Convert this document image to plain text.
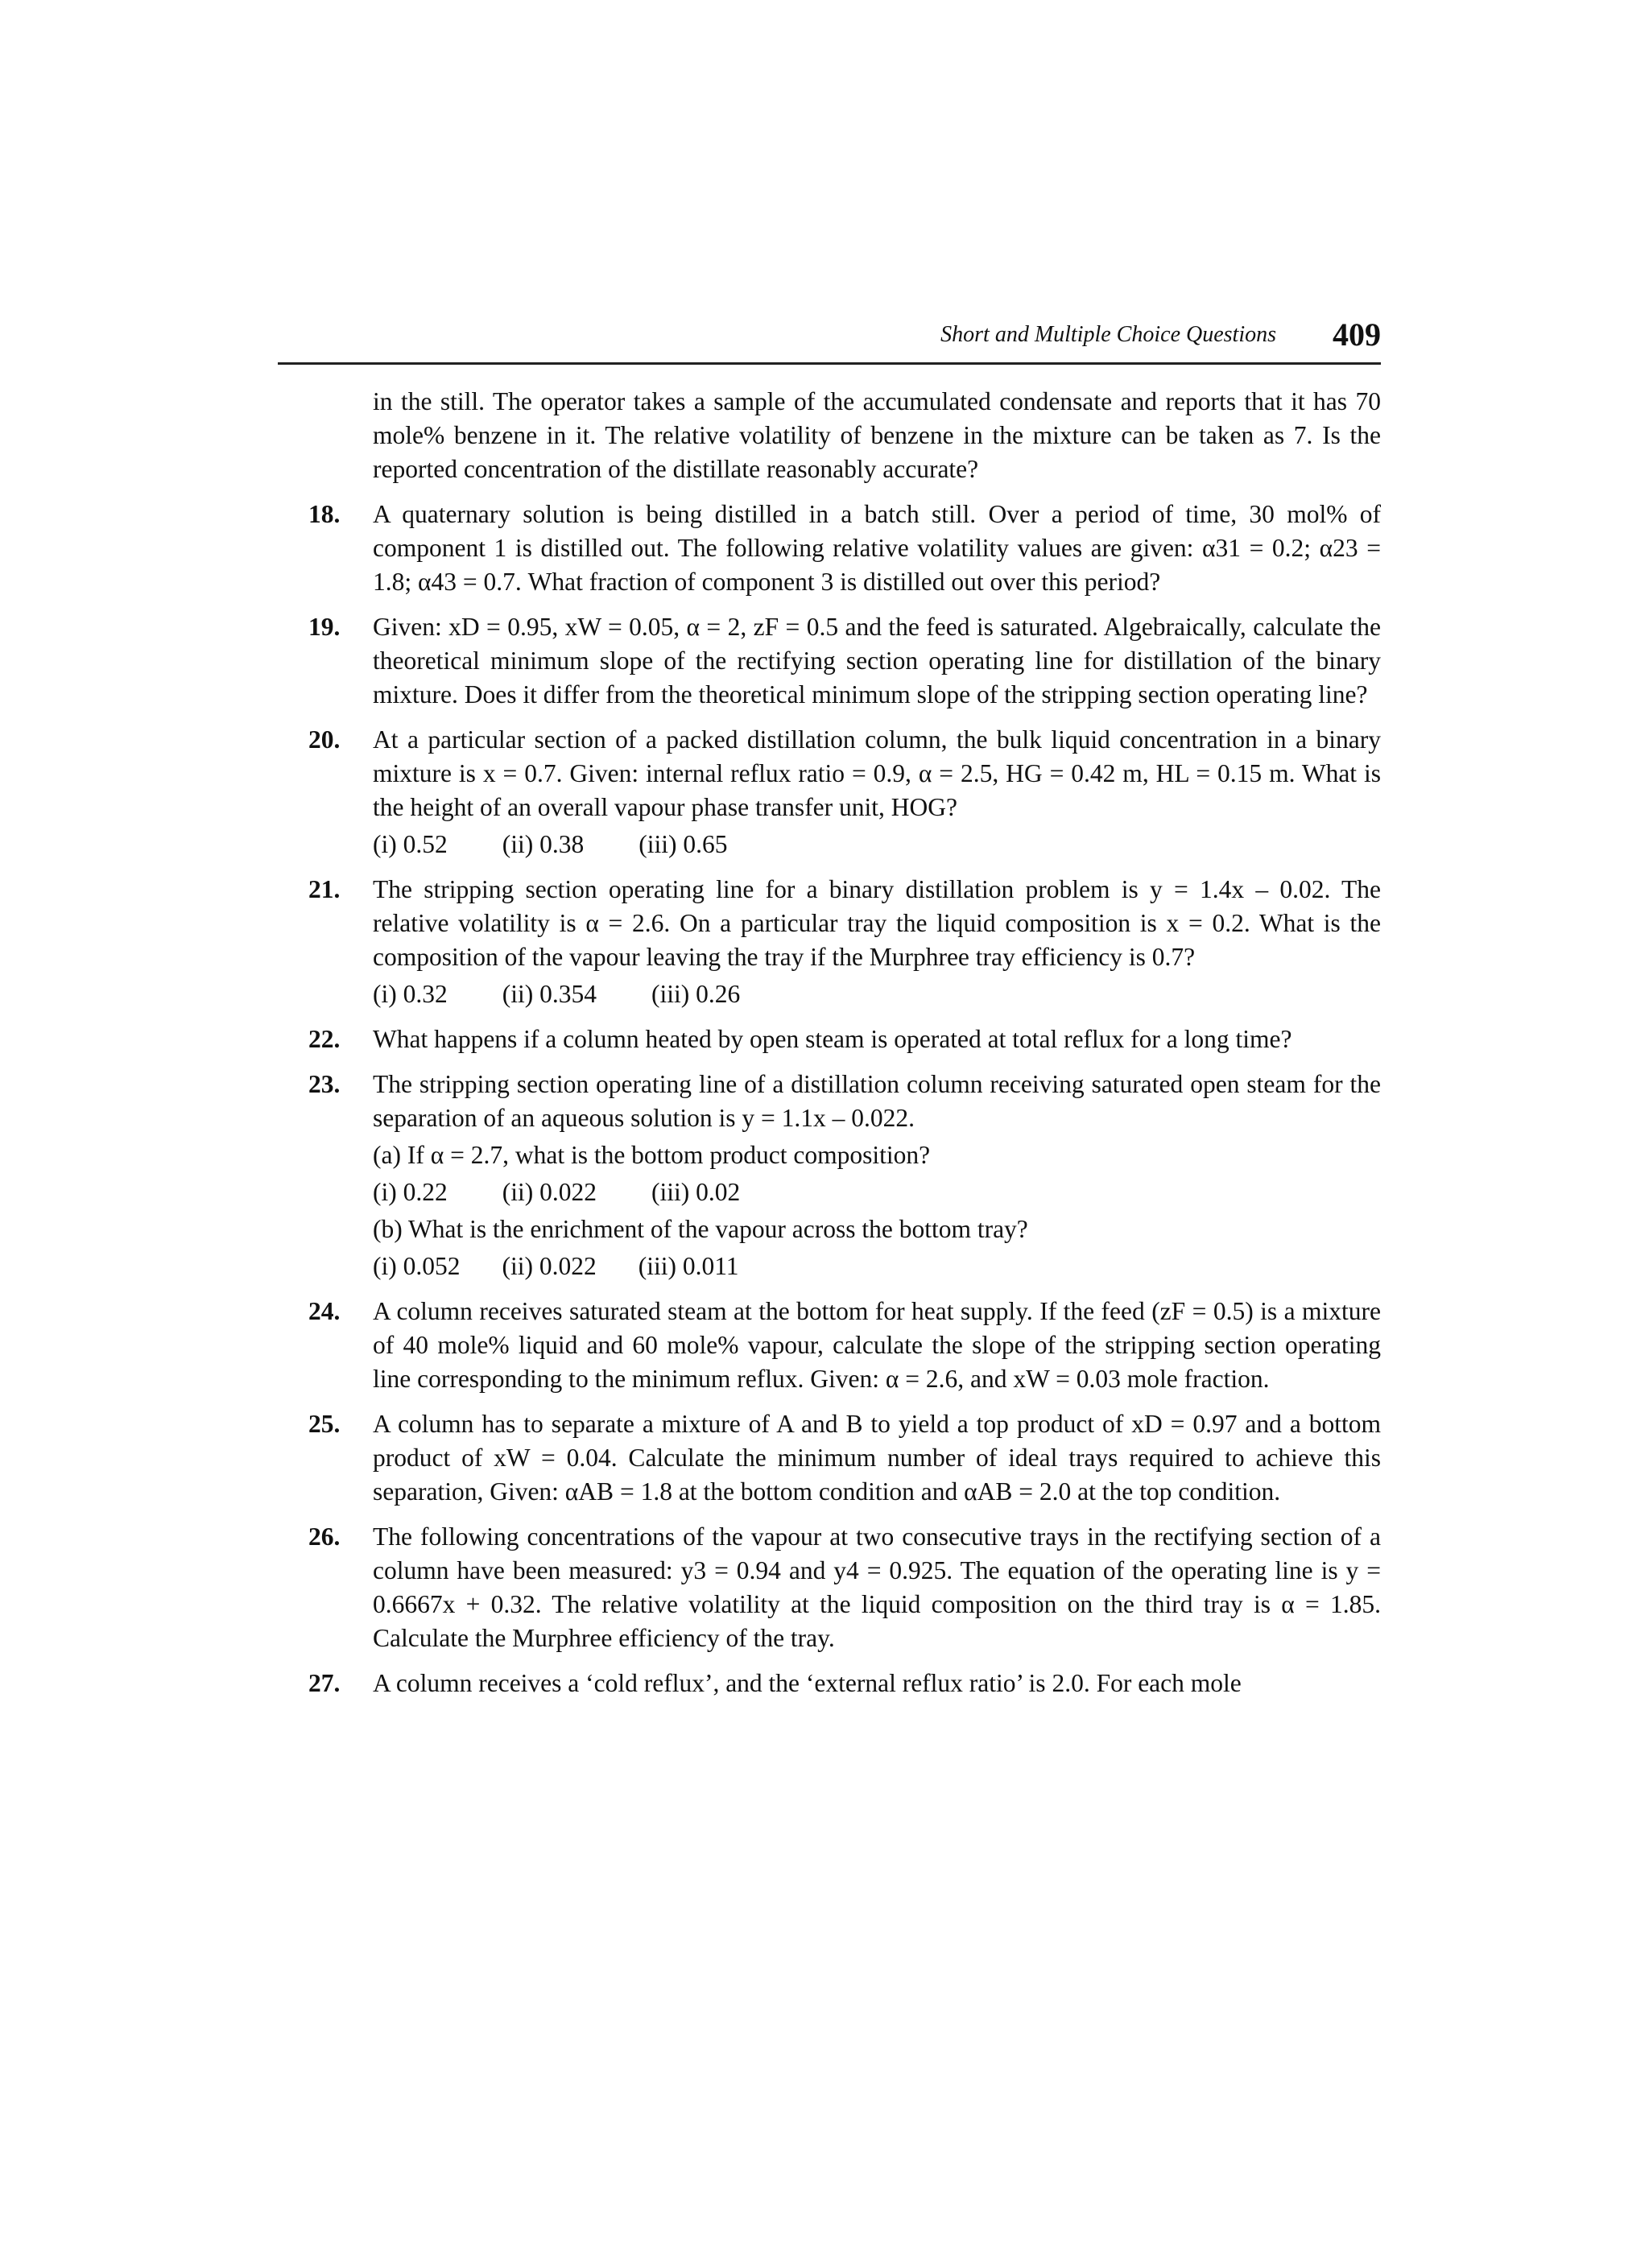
Short and Multiple Choice Questions 409
in the still. The operator takes a sample of the accumulated condensate and reports that it has 70 mole% benzene in it. The relative volatility of benzene in the mixture can be taken as 7. Is the reported concentration of the distillate reasonably accurate?
18. A quaternary solution is being distilled in a batch still. Over a period of time, 30 mol% of component 1 is distilled out. The following relative volatility values are given: α31 = 0.2; α23 = 1.8; α43 = 0.7. What fraction of component 3 is distilled out over this period?
19. Given: xD = 0.95, xW = 0.05, α = 2, zF = 0.5 and the feed is saturated. Algebraically, calculate the theoretical minimum slope of the rectifying section operating line for distillation of the binary mixture. Does it differ from the theoretical minimum slope of the stripping section operating line?
20. At a particular section of a packed distillation column, the bulk liquid concentration in a binary mixture is x = 0.7. Given: internal reflux ratio = 0.9, α = 2.5, HG = 0.42 m, HL = 0.15 m. What is the height of an overall vapour phase transfer unit, HOG?
(i) 0.52 (ii) 0.38 (iii) 0.65
21. The stripping section operating line for a binary distillation problem is y = 1.4x – 0.02. The relative volatility is α = 2.6. On a particular tray the liquid composition is x = 0.2. What is the composition of the vapour leaving the tray if the Murphree tray efficiency is 0.7?
(i) 0.32 (ii) 0.354 (iii) 0.26
22. What happens if a column heated by open steam is operated at total reflux for a long time?
23. The stripping section operating line of a distillation column receiving saturated open steam for the separation of an aqueous solution is y = 1.1x – 0.022.
(a) If α = 2.7, what is the bottom product composition?
(i) 0.22 (ii) 0.022 (iii) 0.02
(b) What is the enrichment of the vapour across the bottom tray?
(i) 0.052 (ii) 0.022 (iii) 0.011
24. A column receives saturated steam at the bottom for heat supply. If the feed (zF = 0.5) is a mixture of 40 mole% liquid and 60 mole% vapour, calculate the slope of the stripping section operating line corresponding to the minimum reflux. Given: α = 2.6, and xW = 0.03 mole fraction.
25. A column has to separate a mixture of A and B to yield a top product of xD = 0.97 and a bottom product of xW = 0.04. Calculate the minimum number of ideal trays required to achieve this separation, Given: αAB = 1.8 at the bottom condition and αAB = 2.0 at the top condition.
26. The following concentrations of the vapour at two consecutive trays in the rectifying section of a column have been measured: y3 = 0.94 and y4 = 0.925. The equation of the operating line is y = 0.6667x + 0.32. The relative volatility at the liquid composition on the third tray is α = 1.85. Calculate the Murphree efficiency of the tray.
27. A column receives a ‘cold reflux’, and the ‘external reflux ratio’ is 2.0. For each mole
